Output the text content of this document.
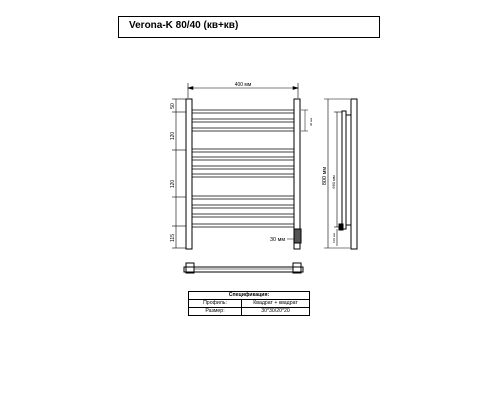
Verona-K 80/40 (кв+кв)
400 мм
50
120
120
115
30 мм
30 мм
800 мм 660 мм
100 мм
Спецификация:	
Профиль:	Квадрат + квадрат
Размер:	30*30/20*20
